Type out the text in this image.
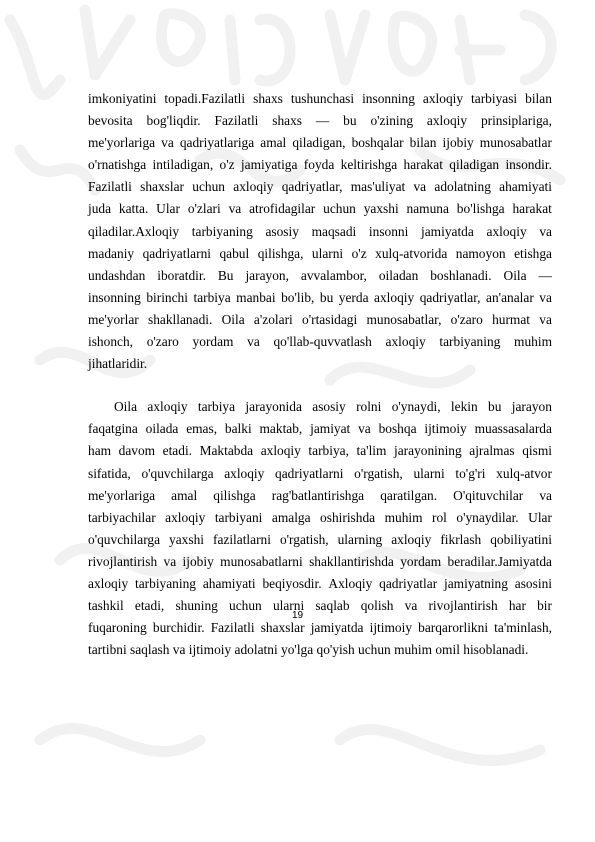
imkoniyatini topadi.Fazilatli shaxs tushunchasi insonning axloqiy tarbiyasi bilan
bevosita bog'liqdir. Fazilatli shaxs — bu o'zining axloqiy prinsiplariga,
me'yorlariga va qadriyatlariga amal qiladigan, boshqalar bilan ijobiy munosabatlar
o'rnatishga intiladigan, o'z jamiyatiga foyda keltirishga harakat qiladigan insondir.
Fazilatli shaxslar uchun axloqiy qadriyatlar, mas'uliyat va adolatning ahamiyati
juda katta. Ular o'zlari va atrofidagilar uchun yaxshi namuna bo'lishga harakat
qiladilar.Axloqiy tarbiyaning asosiy maqsadi insonni jamiyatda axloqiy va
madaniy qadriyatlarni qabul qilishga, ularni o'z xulq-atvorida namoyon etishga
undashdan iboratdir. Bu jarayon, avvalambor, oiladan boshlanadi. Oila —
insonning birinchi tarbiya manbai bo'lib, bu yerda axloqiy qadriyatlar, an'analar va
me'yorlar shakllanadi. Oila a'zolari o'rtasidagi munosabatlar, o'zaro hurmat va
ishonch, o'zaro yordam va qo'llab-quvvatlash axloqiy tarbiyaning muhim
jihatlaridir.
Oila axloqiy tarbiya jarayonida asosiy rolni o'ynaydi, lekin bu jarayon
faqatgina oilada emas, balki maktab, jamiyat va boshqa ijtimoiy muassasalarda
ham davom etadi. Maktabda axloqiy tarbiya, ta'lim jarayonining ajralmas qismi
sifatida, o'quvchilarga axloqiy qadriyatlarni o'rgatish, ularni to'g'ri xulq-atvor
me'yorlariga amal qilishga rag'batlantirishga qaratilgan. O'qituvchilar va
tarbiyachilar axloqiy tarbiyani amalga oshirishda muhim rol o'ynaydilar. Ular
o'quvchilarga yaxshi fazilatlarni o'rgatish, ularning axloqiy fikrlash qobiliyatini
rivojlantirish va ijobiy munosabatlarni shakllantirishda yordam beradilar.Jamiyatda
axloqiy tarbiyaning ahamiyati beqiyosdir. Axloqiy qadriyatlar jamiyatning asosini
tashkil etadi, shuning uchun ularni saqlab qolish va rivojlantirish har bir
fuqaroning burchidir. Fazilatli shaxslar jamiyatda ijtimoiy barqarorlikni ta'minlash,
tartibni saqlash va ijtimoiy adolatni yo'lga qo'yish uchun muhim omil hisoblanadi.
19
